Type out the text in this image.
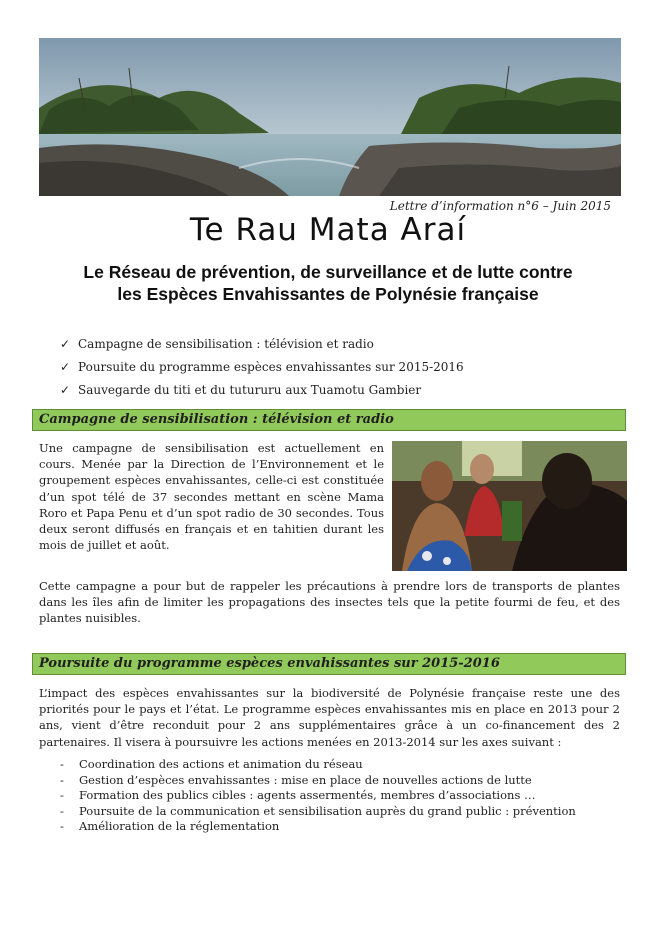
Lettre d’information n°6 – Juin 2015
Te Rau Mata Araí
Le Réseau de prévention, de surveillance et de lutte contre
les Espèces Envahissantes de Polynésie française
✓ Campagne de sensibilisation : télévision et radio
✓ Poursuite du programme espèces envahissantes sur 2015-2016
✓ Sauvegarde du titi et du tutururu aux Tuamotu Gambier
Campagne de sensibilisation : télévision et radio

Une campagne de sensibilisation est actuellement en cours. Menée par la Direction de l’Environnement et le groupement espèces envahissantes, celle-ci est constituée d’un spot télé de 37 secondes mettant en scène Mama Roro et Papa Penu et d’un spot radio de 30 secondes. Tous deux seront diffusés en français et en tahitien durant les mois de juillet et août.

Cette campagne a pour but de rappeler les précautions à prendre lors de transports de plantes dans les îles afin de limiter les propagations des insectes tels que la petite fourmi de feu, et des plantes nuisibles.

Poursuite du programme espèces envahissantes sur 2015-2016

L’impact des espèces envahissantes sur la biodiversité de Polynésie française reste une des priorités pour le pays et l’état. Le programme espèces envahissantes mis en place en 2013 pour 2 ans, vient d’être reconduit pour 2 ans supplémentaires grâce à un co-financement des 2 partenaires. Il visera à poursuivre les actions menées en 2013-2014 sur les axes suivant :

-	Coordination des actions et animation du réseau
-	Gestion d’espèces envahissantes : mise en place de nouvelles actions de lutte
-	Formation des publics cibles : agents assermentés, membres d’associations …
-	Poursuite de la communication et sensibilisation auprès du grand public : prévention
-	Amélioration de la réglementation
